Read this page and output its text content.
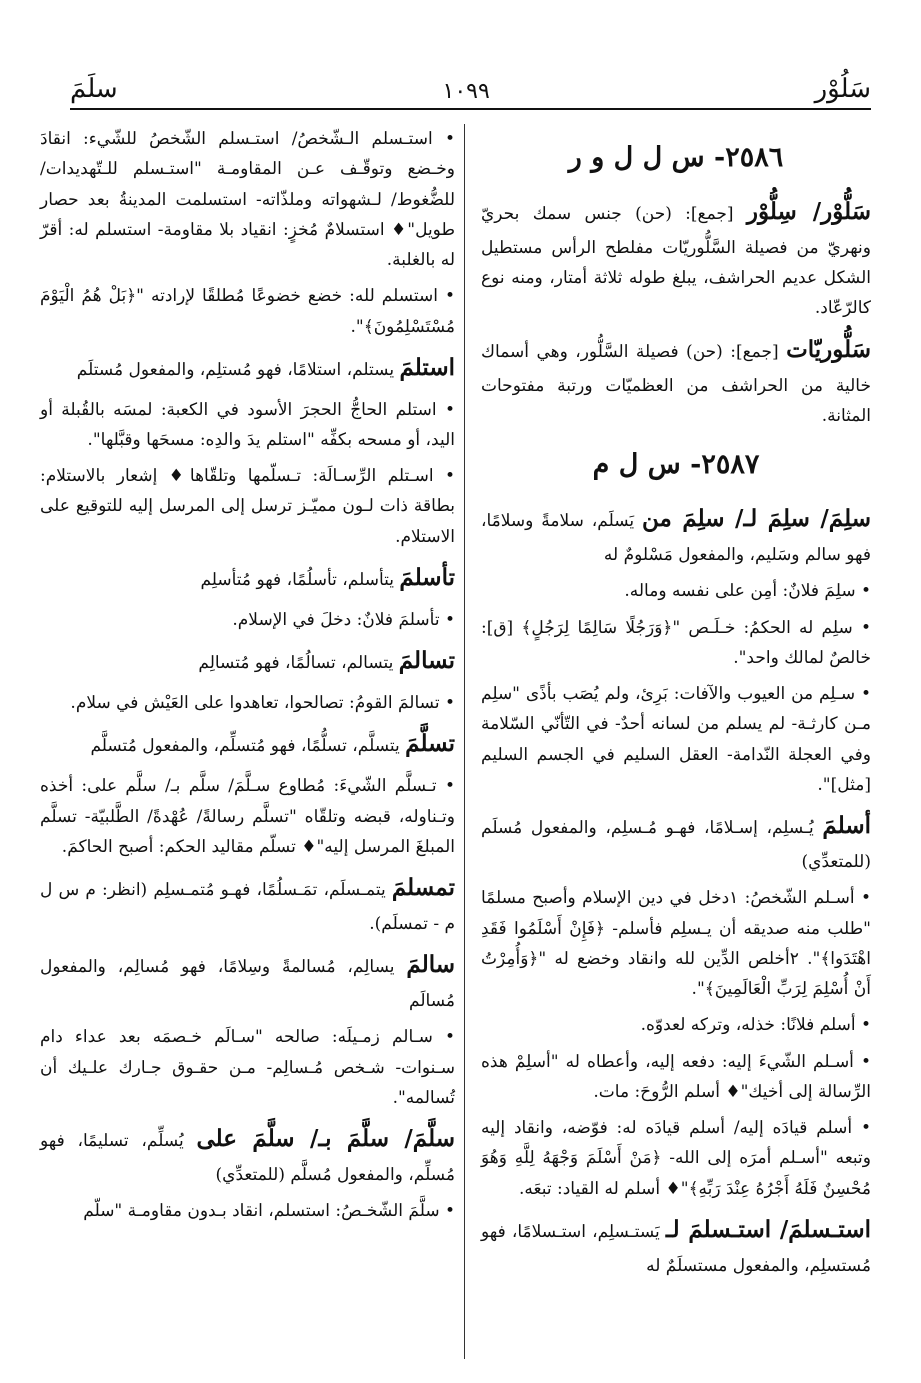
سَلُوْر
١٠٩٩
سلَمَ
٢٥٨٦- س ل ل و ر

سَلُّوْر/ سِلُّوْر [جمع]: (حن) جنس سمك بحريّ ونهريّ من فصيلة السَّلُّوريّات مفلطح الرأس مستطيل الشكل عديم الحراشف، يبلغ طوله ثلاثة أمتار، ومنه نوع كالرّعّاد.

سَلُّوريّات [جمع]: (حن) فصيلة السَّلُّور، وهي أسماك خالية من الحراشف من العظميّات ورتبة مفتوحات المثانة.

٢٥٨٧- س ل م

سلِمَ/ سلِمَ لـ/ سلِمَ من يَسلَم، سلامةً وسلامًا، فهو سالم وسَليم، والمفعول مَسْلومٌ له

• سلِمَ فلانٌ: أمِن على نفسه وماله.

• سلِم له الحكمُ: خـلَـص "﴿وَرَجُلًا سَالِمًا لِرَجُلٍ﴾ [ق]: خالصٌ لمالك واحد".

• سـلِم من العيوب والآفات: بَرِئ، ولم يُصَب بأذًى "سلِم مـن كارثـة- لم يسلم من لسانه أحدٌ- في التّأنّي السّلامة وفي العجلة النّدامة- العقل السليم في الجسم السليم [مثل]".

أسلمَ يُـسلِم، إسـلامًا، فهـو مُـسلِم، والمفعول مُسلَم (للمتعدِّي)

• أسـلم الشّخصُ: ١دخل في دين الإسلام وأصبح مسلمًا "طلب منه صديقه أن يـسلِم فأسلم- ﴿فَإِنْ أَسْلَمُوا فَقَدِ اهْتَدَوا﴾". ٢أخلص الدِّين لله وانقاد وخضع له "﴿وَأُمِرْتُ أَنْ أُسْلِمَ لِرَبِّ الْعَالَمِينَ﴾".

• أسلم فلانًا: خذله، وتركه لعدوّه.

• أسـلم الشّيءَ إليه: دفعه إليه، وأعطاه له "أسلِمْ هذه الرِّسالة إلى أخيك"♦ أسلم الرُّوحَ: مات.

• أسلم قيادَه إليه/ أسلم قيادَه له: فوّضه، وانقاد إليه وتبعه "أسـلم أمرَه إلى الله- ﴿مَنْ أَسْلَمَ وَجْهَهُ لِلَّهِ وَهُوَ مُحْسِنٌ فَلَهُ أَجْرُهُ عِنْدَ رَبِّهِ﴾"♦ أسلم له القياد: تبعَه.

استـسلمَ/ استـسلمَ لـ يَستـسلِم، استـسلامًا، فهو مُستسلِم، والمفعول مستسلَمٌ له

• استـسلم الـشّخصُ/ استـسلم الشّخصُ للشّيء: انقادَ وخـضع وتوقّـف عـن المقاومـة "استـسلم للـتّهديدات/ للضُّغوط/ لـشهواته وملذّاته- استسلمت المدينةُ بعد حصار طويل"♦ استسلامٌ مُخزٍ: انقياد بلا مقاومة- استسلم له: أقرّ له بالغلبة.

• استسلم لله: خضع خضوعًا مُطلقًا لإرادته "﴿بَلْ هُمُ الْيَوْمَ مُسْتَسْلِمُونَ﴾".

استلمَ يستلم، استلامًا، فهو مُستلِم، والمفعول مُستلَم

• استلم الحاجُّ الحجرَ الأسود في الكعبة: لمسَه بالقُبلة أو اليد، أو مسحه بكفِّه "استلم يدَ والدِه: مسحَها وقبَّلها".

• اسـتلم الرِّسـالَة: تـسلّمها وتلقّاها♦ إشعار بالاستلام: بطاقة ذات لـون مميّـز ترسل إلى المرسل إليه للتوقيع على الاستلام.

تأسلمَ يتأسلم، تأسلُمًا، فهو مُتأسلِم

• تأسلمَ فلانٌ: دخلَ في الإسلام.

تسالمَ يتسالم، تسالُمًا، فهو مُتسالِم

• تسالمَ القومُ: تصالحوا، تعاهدوا على العَيْش في سلام.

تسلَّمَ يتسلَّم، تسلُّمًا، فهو مُتسلِّم، والمفعول مُتسلَّم

• تـسلَّم الشّيءَ: مُطاوع سـلَّمَ/ سلَّم بـ/ سلَّم على: أخذه وتـناوله، قبضه وتلقّاه "تسلَّم رسالةً/ عُهْدةً/ الطَّلبيّة- تسلَّم المبلغَ المرسل إليه"♦ تسلّم مقاليد الحكم: أصبح الحاكمَ.

تمسلمَ يتمـسلَم، تمَـسلُمًا، فهـو مُتمـسلِم (انظر: م س ل م - تمسلَم).

سالمَ يسالِم، مُسالمةً وسِلامًا، فهو مُسالِم، والمفعول مُسالَم

• سـالم زمـيلَه: صالحه "سـالَم خـصمَه بعد عداء دام سـنوات- شـخص مُـسالِم- مـن حقـوق جـارك علـيك أن تُسالمه".

سلَّمَ/ سلَّمَ بـ/ سلَّمَ على يُسلِّم، تسليمًا، فهو مُسلِّم، والمفعول مُسلَّم (للمتعدِّي)

• سلَّمَ الشّخـصُ: استسلم، انقاد بـدون مقاومـة "سلّم
